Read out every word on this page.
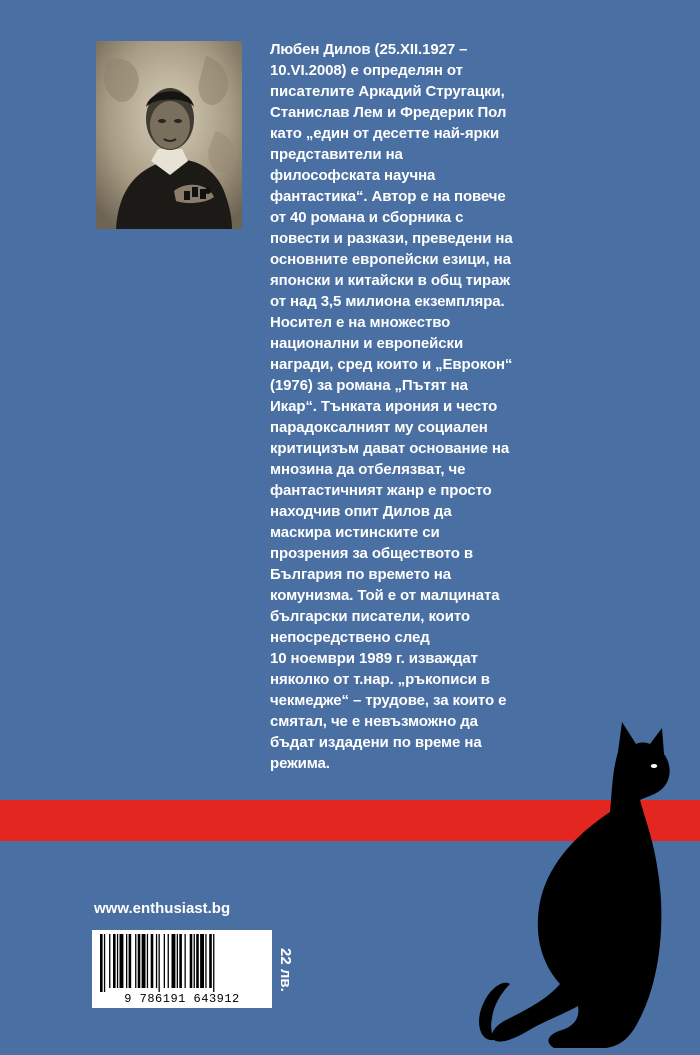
Любен Дилов (25.XII.1927 –
10.VI.2008) е определян от
писателите Аркадий Стругацки,
Станислав Лем и Фредерик Пол
като „един от десетте най-ярки
представители на
философската научна
фантастика“. Автор е на повече
от 40 романа и сборника с
повести и разкази, преведени на
основните европейски езици, на
японски и китайски в общ тираж
от над 3,5 милиона екземпляра.
Носител е на множество
национални и европейски
награди, сред които и „Еврокон“
(1976) за романа „Пътят на
Икар“. Тънката ирония и често
парадоксалният му социален
критицизъм дават основание на
мнозина да отбелязват, че
фантастичният жанр е просто
находчив опит Дилов да
маскира истинските си
прозрения за обществото в
България по времето на
комунизма. Той е от малцината
български писатели, които
непосредствено след
10 ноември 1989 г. изваждат
няколко от т.нар. „ръкописи в
чекмедже“ – трудове, за които е
смятал, че е невъзможно да
бъдат издадени по време на
режима.
www.enthusiast.bg
9 786191 643912
22 лв.
